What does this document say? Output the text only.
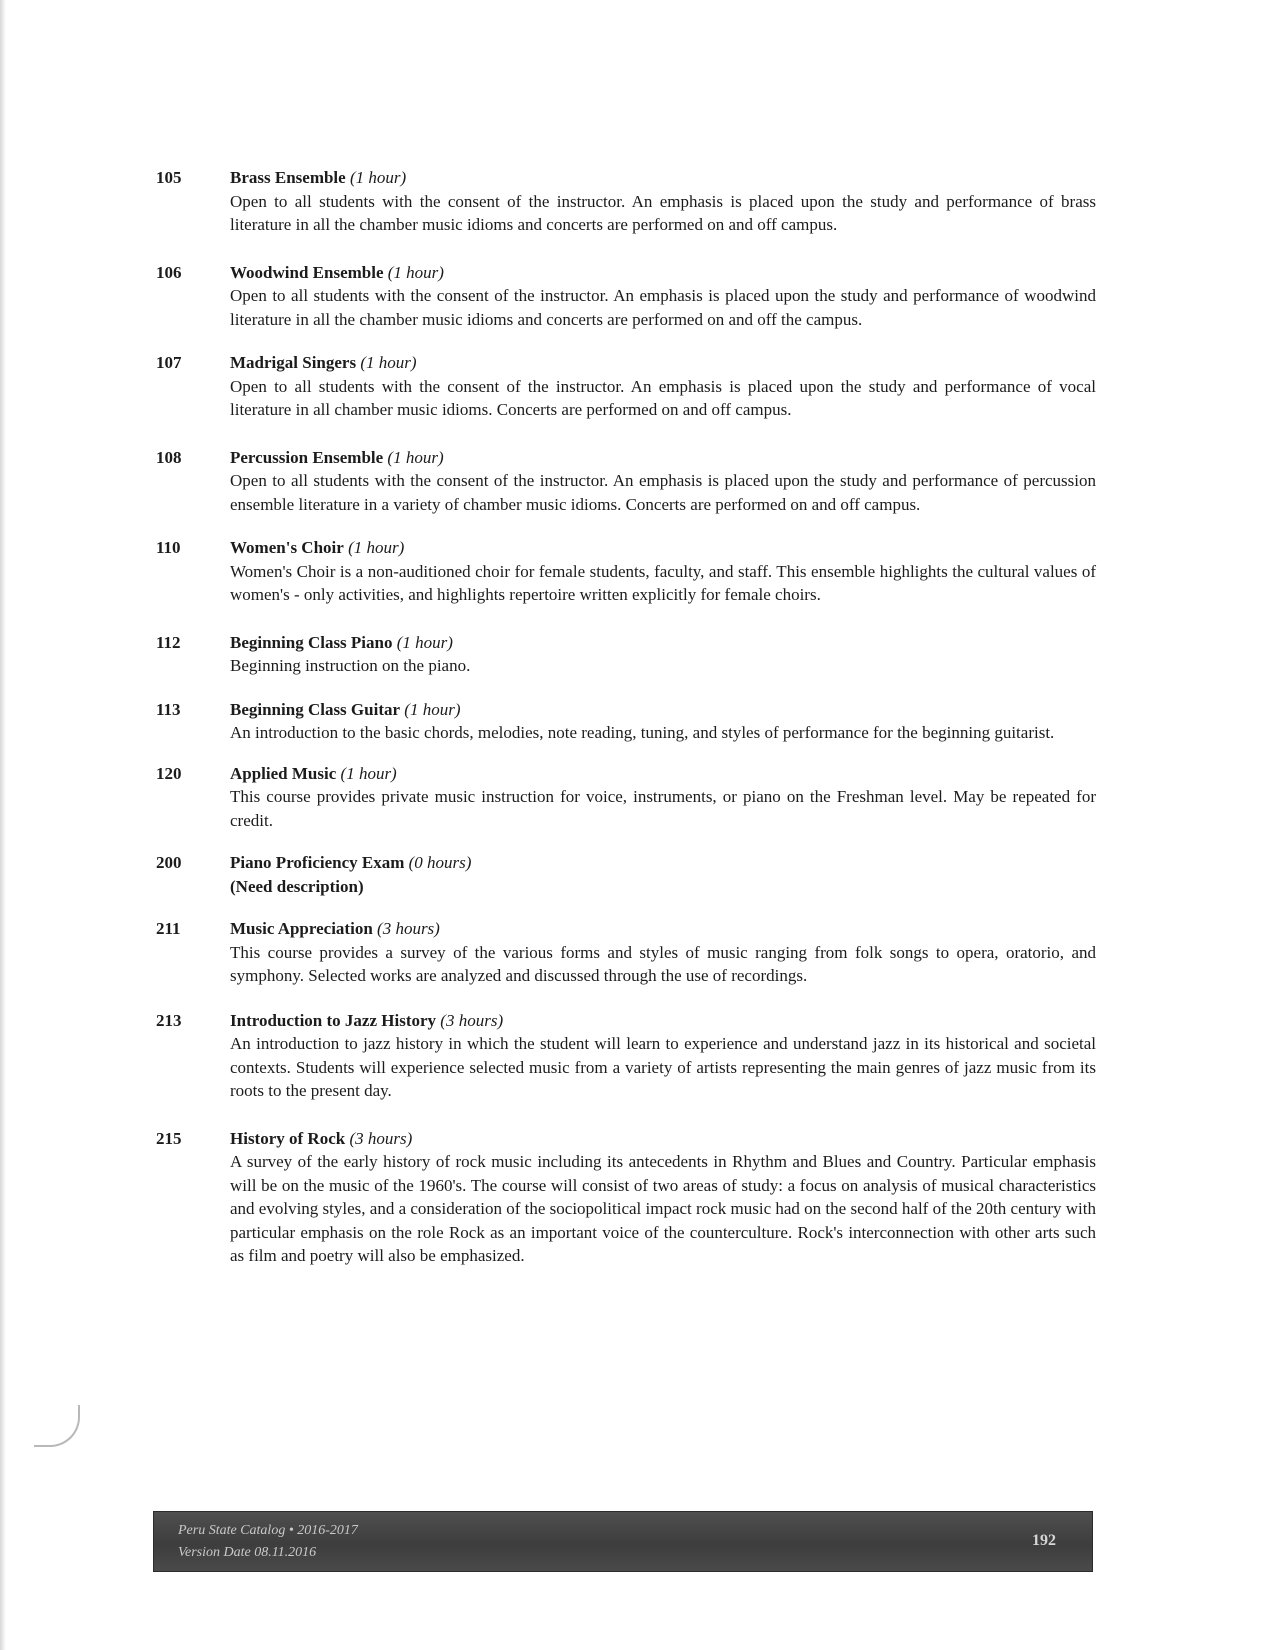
105	Brass Ensemble (1 hour)
Open to all students with the consent of the instructor. An emphasis is placed upon the study and performance of brass literature in all the chamber music idioms and concerts are performed on and off campus.
106	Woodwind Ensemble (1 hour)
Open to all students with the consent of the instructor. An emphasis is placed upon the study and performance of woodwind literature in all the chamber music idioms and concerts are performed on and off the campus.
107	Madrigal Singers (1 hour)
Open to all students with the consent of the instructor. An emphasis is placed upon the study and performance of vocal literature in all chamber music idioms. Concerts are performed on and off campus.
108	Percussion Ensemble (1 hour)
Open to all students with the consent of the instructor. An emphasis is placed upon the study and performance of percussion ensemble literature in a variety of chamber music idioms. Concerts are performed on and off campus.
110	Women's Choir (1 hour)
Women's Choir is a non-auditioned choir for female students, faculty, and staff. This ensemble highlights the cultural values of women's - only activities, and highlights repertoire written explicitly for female choirs.
112	Beginning Class Piano (1 hour)
Beginning instruction on the piano.
113	Beginning Class Guitar (1 hour)
An introduction to the basic chords, melodies, note reading, tuning, and styles of performance for the beginning guitarist.
120	Applied Music (1 hour)
This course provides private music instruction for voice, instruments, or piano on the Freshman level. May be repeated for credit.
200	Piano Proficiency Exam (0 hours)
(Need description)
211	Music Appreciation (3 hours)
This course provides a survey of the various forms and styles of music ranging from folk songs to opera, oratorio, and symphony. Selected works are analyzed and discussed through the use of recordings.
213	Introduction to Jazz History (3 hours)
An introduction to jazz history in which the student will learn to experience and understand jazz in its historical and societal contexts. Students will experience selected music from a variety of artists representing the main genres of jazz music from its roots to the present day.
215	History of Rock (3 hours)
A survey of the early history of rock music including its antecedents in Rhythm and Blues and Country. Particular emphasis will be on the music of the 1960's. The course will consist of two areas of study: a focus on analysis of musical characteristics and evolving styles, and a consideration of the sociopolitical impact rock music had on the second half of the 20th century with particular emphasis on the role Rock as an important voice of the counterculture. Rock's interconnection with other arts such as film and poetry will also be emphasized.
Peru State Catalog • 2016-2017
Version Date 08.11.2016
192
